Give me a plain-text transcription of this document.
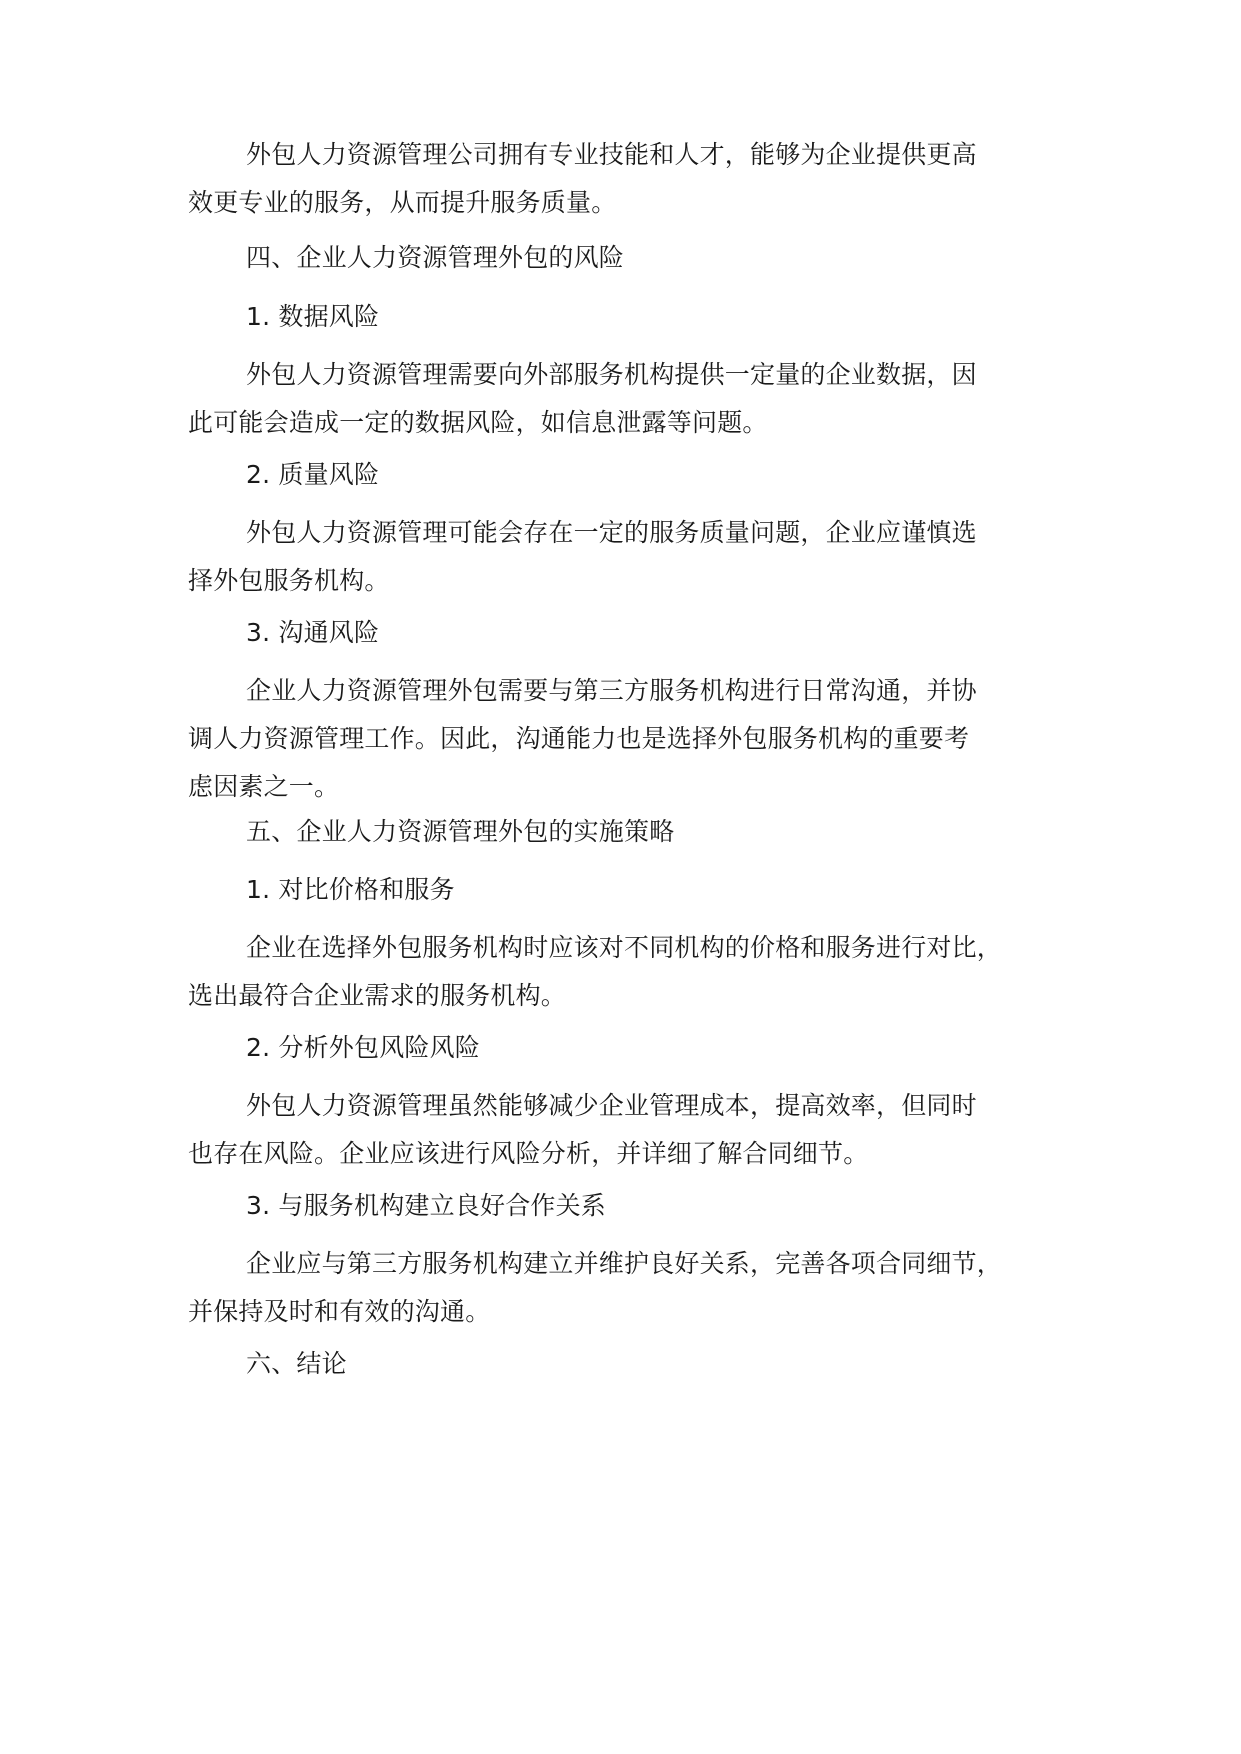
外包人力资源管理公司拥有专业技能和人才，能够为企业提供更高
效更专业的服务，从而提升服务质量。

四、企业人力资源管理外包的风险

1. 数据风险

外包人力资源管理需要向外部服务机构提供一定量的企业数据，因
此可能会造成一定的数据风险，如信息泄露等问题。

2. 质量风险

外包人力资源管理可能会存在一定的服务质量问题，企业应谨慎选
择外包服务机构。

3. 沟通风险

企业人力资源管理外包需要与第三方服务机构进行日常沟通，并协
调人力资源管理工作。因此，沟通能力也是选择外包服务机构的重要考
虑因素之一。

五、企业人力资源管理外包的实施策略

1. 对比价格和服务

企业在选择外包服务机构时应该对不同机构的价格和服务进行对比，
选出最符合企业需求的服务机构。

2. 分析外包风险风险

外包人力资源管理虽然能够减少企业管理成本，提高效率，但同时
也存在风险。企业应该进行风险分析，并详细了解合同细节。

3. 与服务机构建立良好合作关系

企业应与第三方服务机构建立并维护良好关系，完善各项合同细节，
并保持及时和有效的沟通。

六、结论
